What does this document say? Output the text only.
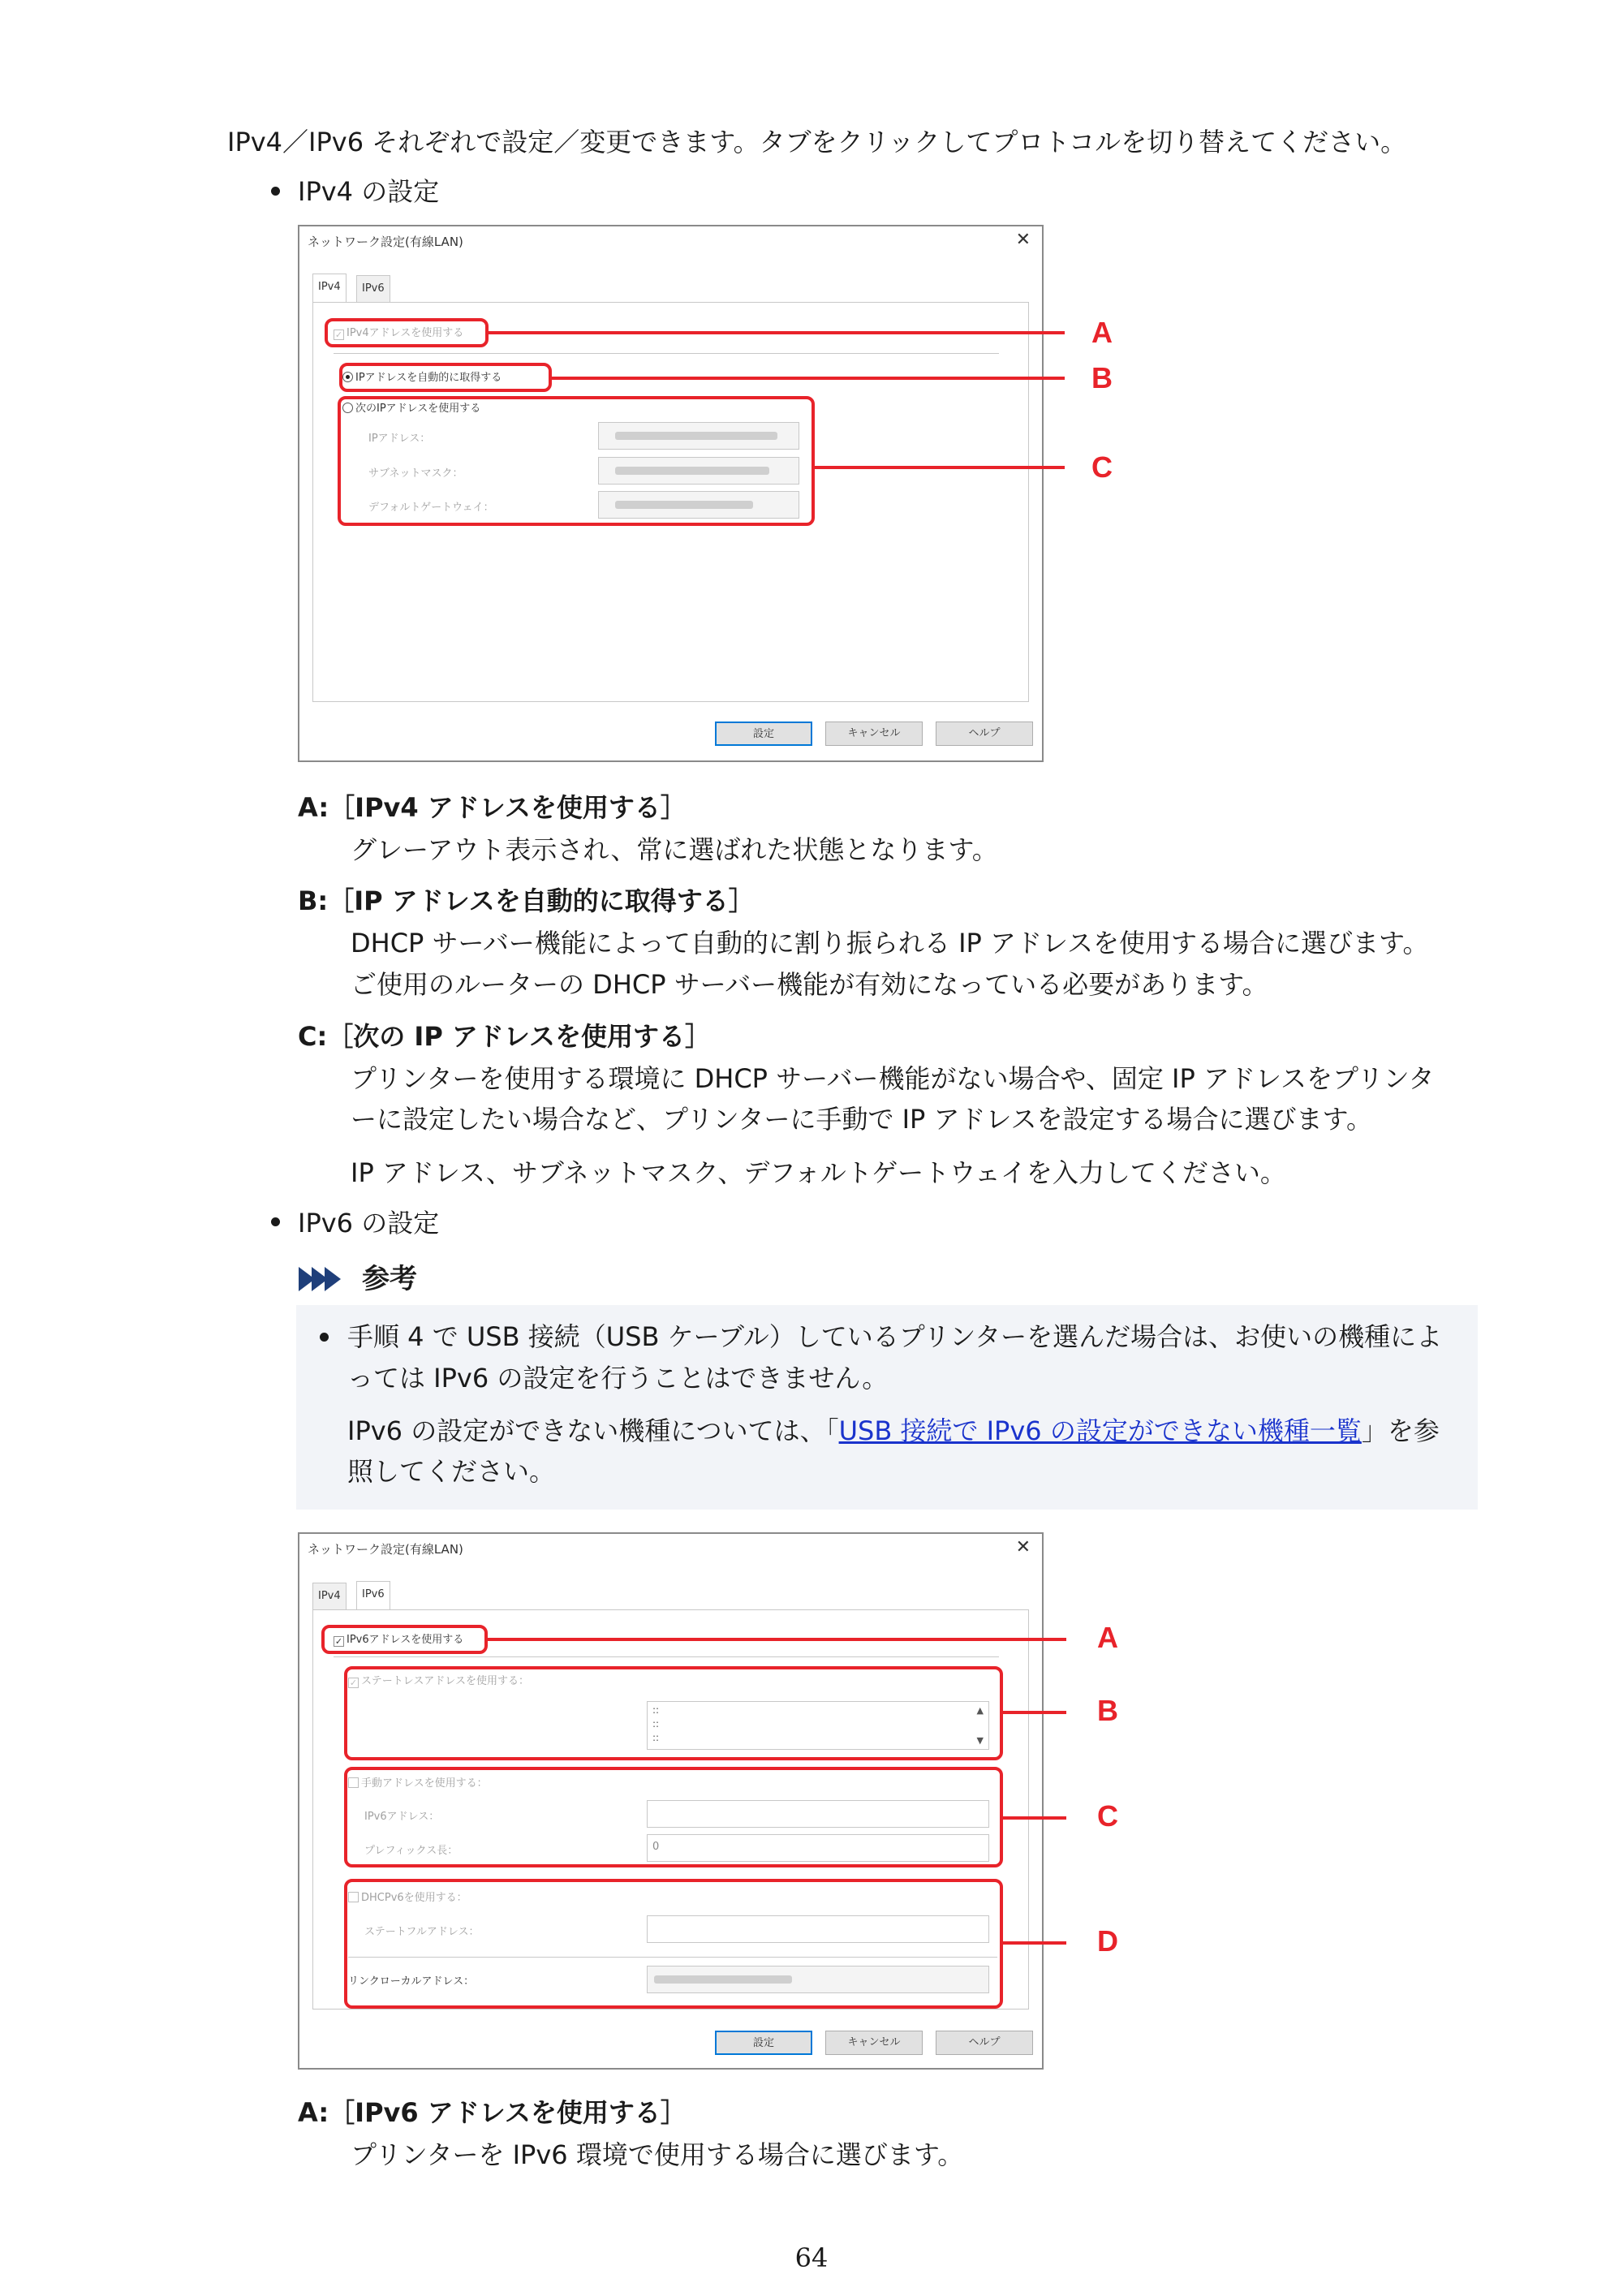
IPv4／IPv6 それぞれで設定／変更できます。タブをクリックしてプロトコルを切り替えてください。
IPv4 の設定
ネットワーク設定(有線LAN)	✕
IPv4	IPv6
✓ IPv4アドレスを使用する
IPアドレスを自動的に取得する
次のIPアドレスを使用する
IPアドレス：
サブネットマスク：
デフォルトゲートウェイ：
設定	キャンセル	ヘルプ
A
B
C
A:［IPv4 アドレスを使用する］
グレーアウト表示され、常に選ばれた状態となります。
B:［IP アドレスを自動的に取得する］
DHCP サーバー機能によって自動的に割り振られる IP アドレスを使用する場合に選びます。
ご使用のルーターの DHCP サーバー機能が有効になっている必要があります。
C:［次の IP アドレスを使用する］
プリンターを使用する環境に DHCP サーバー機能がない場合や、固定 IP アドレスをプリンタ
ーに設定したい場合など、プリンターに手動で IP アドレスを設定する場合に選びます。
IP アドレス、サブネットマスク、デフォルトゲートウェイを入力してください。
IPv6 の設定
参考
手順 4 で USB 接続（USB ケーブル）しているプリンターを選んだ場合は、お使いの機種によ
っては IPv6 の設定を行うことはできません。
IPv6 の設定ができない機種については、「USB 接続で IPv6 の設定ができない機種一覧」を参
照してください。
ネットワーク設定(有線LAN)	✕
IPv4	IPv6
✓ IPv6アドレスを使用する
✓ ステートレスアドレスを使用する：
::
::
::
▲
▼
手動アドレスを使用する：
IPv6アドレス：
プレフィックス長：	0
DHCPv6を使用する：
ステートフルアドレス：
リンクローカルアドレス：
設定	キャンセル	ヘルプ
A
B
C
D
A:［IPv6 アドレスを使用する］
プリンターを IPv6 環境で使用する場合に選びます。
64
